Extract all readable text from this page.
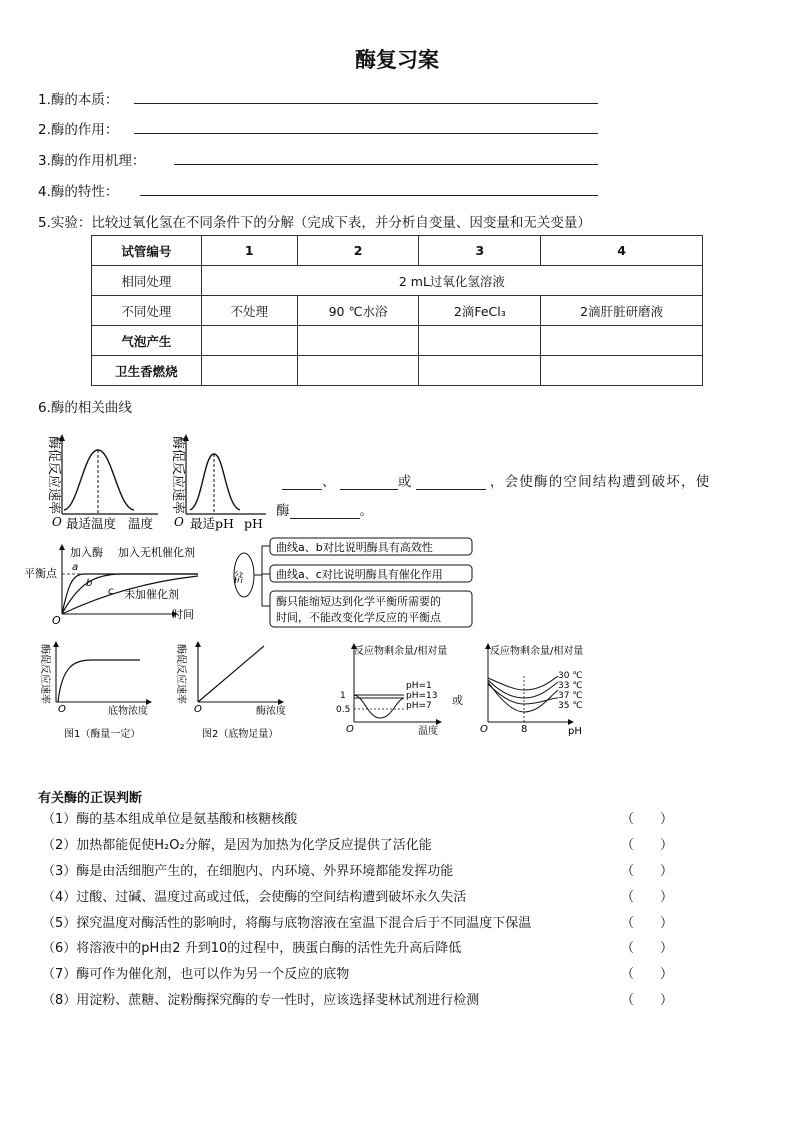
酶复习案
1.酶的本质：
2.酶的作用：
3.酶的作用机理：
4.酶的特性：
5.实验：比较过氧化氢在不同条件下的分解（完成下表，并分析自变量、因变量和无关变量）
试管编号	1	2	3	4
相同处理	2 mL过氧化氢溶液			
不同处理	不处理	90 ℃水浴	2滴FeCl₃	2滴肝脏研磨液
气泡产生				
卫生香燃烧				
6.酶的相关曲线
酶促反应速率
O 最适温度 温度
酶促反应速率
O 最适pH pH
、	或	，会使酶的空间结构遭到破坏，使
酶	。
平衡点
加入酶 加入无机催化剂
未加催化剂
时间
a
b
c
O
分析
曲线a、b对比说明酶具有高效性
曲线a、c对比说明酶具有催化作用
酶只能缩短达到化学平衡所需要的
时间，不能改变化学反应的平衡点
酶促反应速率
O	底物浓度
图1（酶量一定）
酶促反应速率
O	酶浓度
图2（底物足量）
反应物剩余量/相对量
1
0.5
pH=1
pH=13
pH=7
O	温度
或
反应物剩余量/相对量
30 ℃
33 ℃
37 ℃
35 ℃
O	8	pH
有关酶的正误判断
（1）酶的基本组成单位是氨基酸和核糖核酸	（　　）
（2）加热都能促使H₂O₂分解，是因为加热为化学反应提供了活化能	（　　）
（3）酶是由活细胞产生的，在细胞内、内环境、外界环境都能发挥功能	（　　）
（4）过酸、过碱、温度过高或过低，会使酶的空间结构遭到破坏永久失活	（　　）
（5）探究温度对酶活性的影响时，将酶与底物溶液在室温下混合后于不同温度下保温	（　　）
（6）将溶液中的pH由2 升到10的过程中，胰蛋白酶的活性先升高后降低	（　　）
（7）酶可作为催化剂，也可以作为另一个反应的底物	（　　）
（8）用淀粉、蔗糖、淀粉酶探究酶的专一性时，应该选择斐林试剂进行检测	（　　）
